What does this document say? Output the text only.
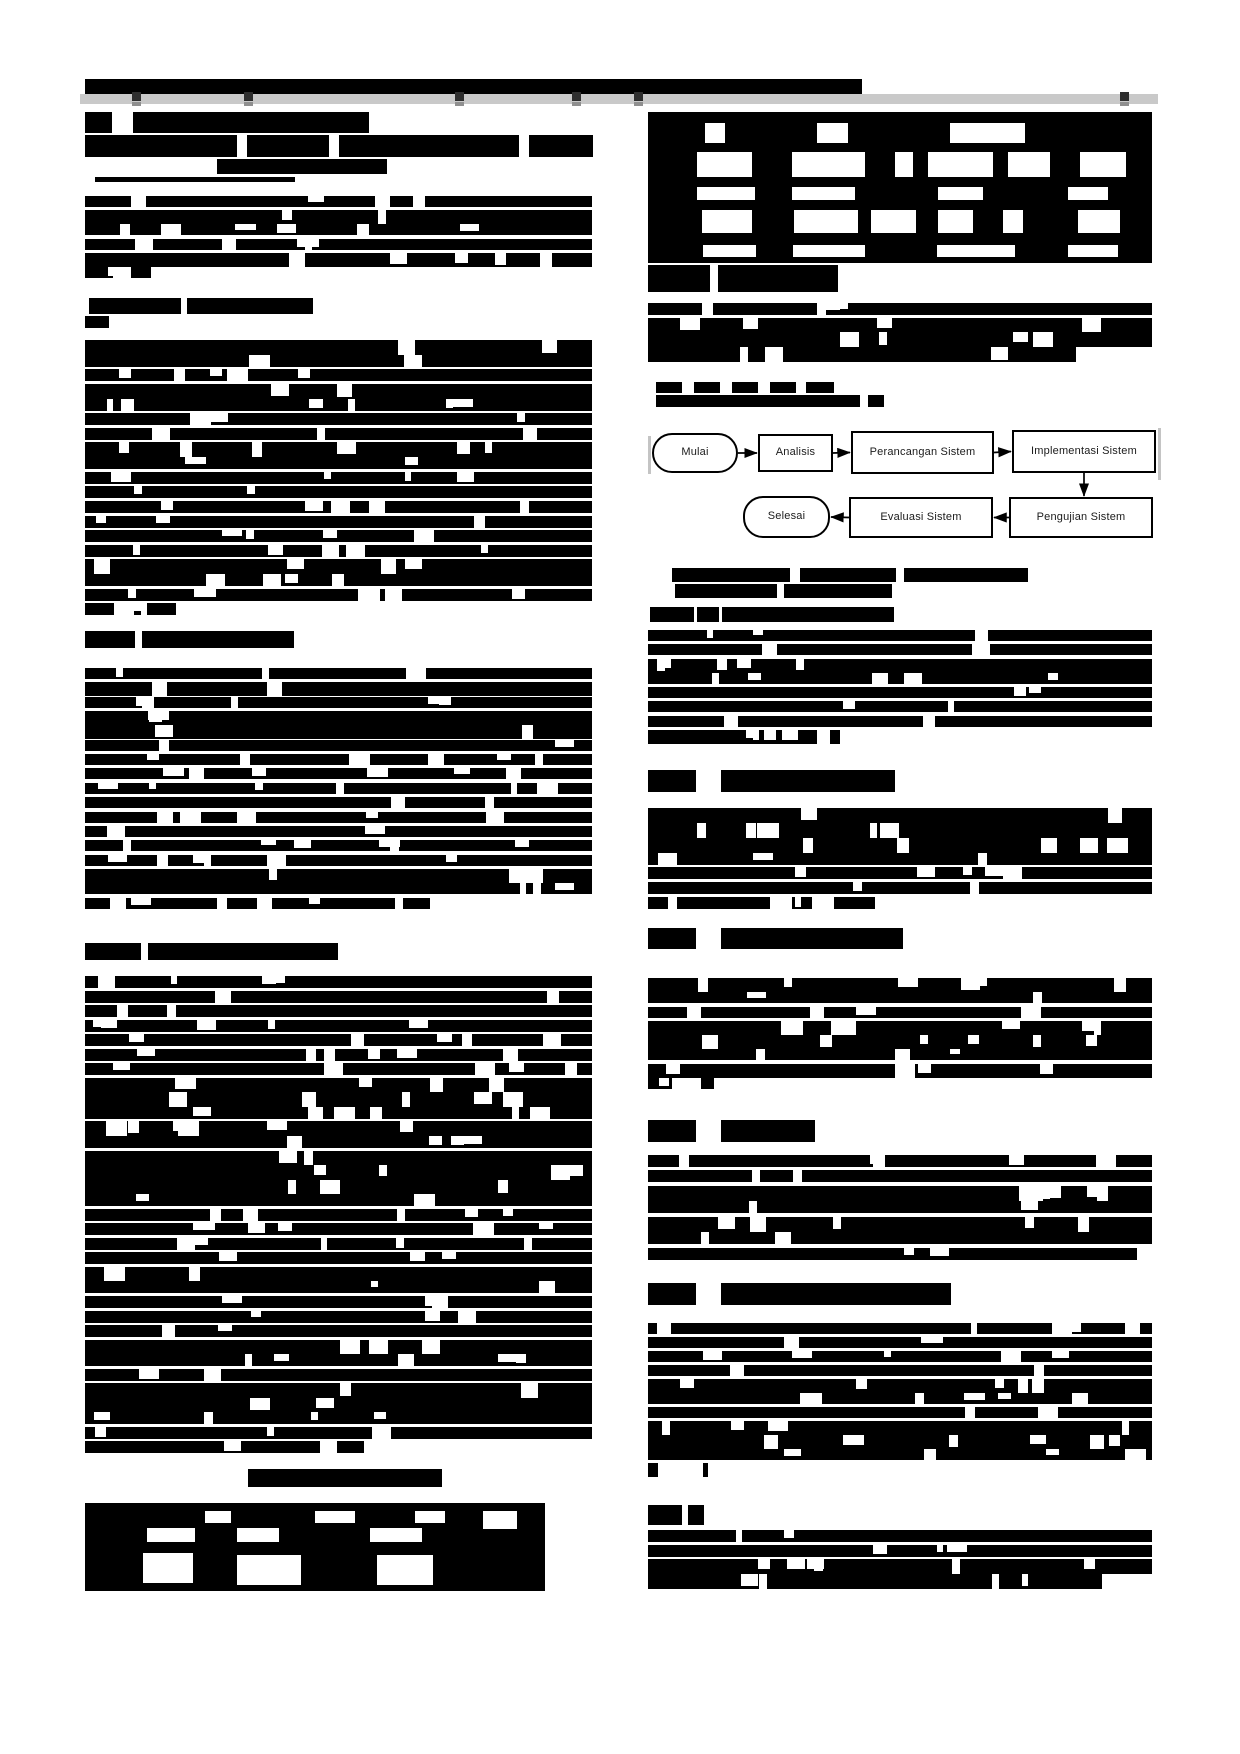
Mulai	Analisis	Perancangan Sistem	Implementasi Sistem
Pengujian Sistem
Evaluasi Sistem
Selesai
